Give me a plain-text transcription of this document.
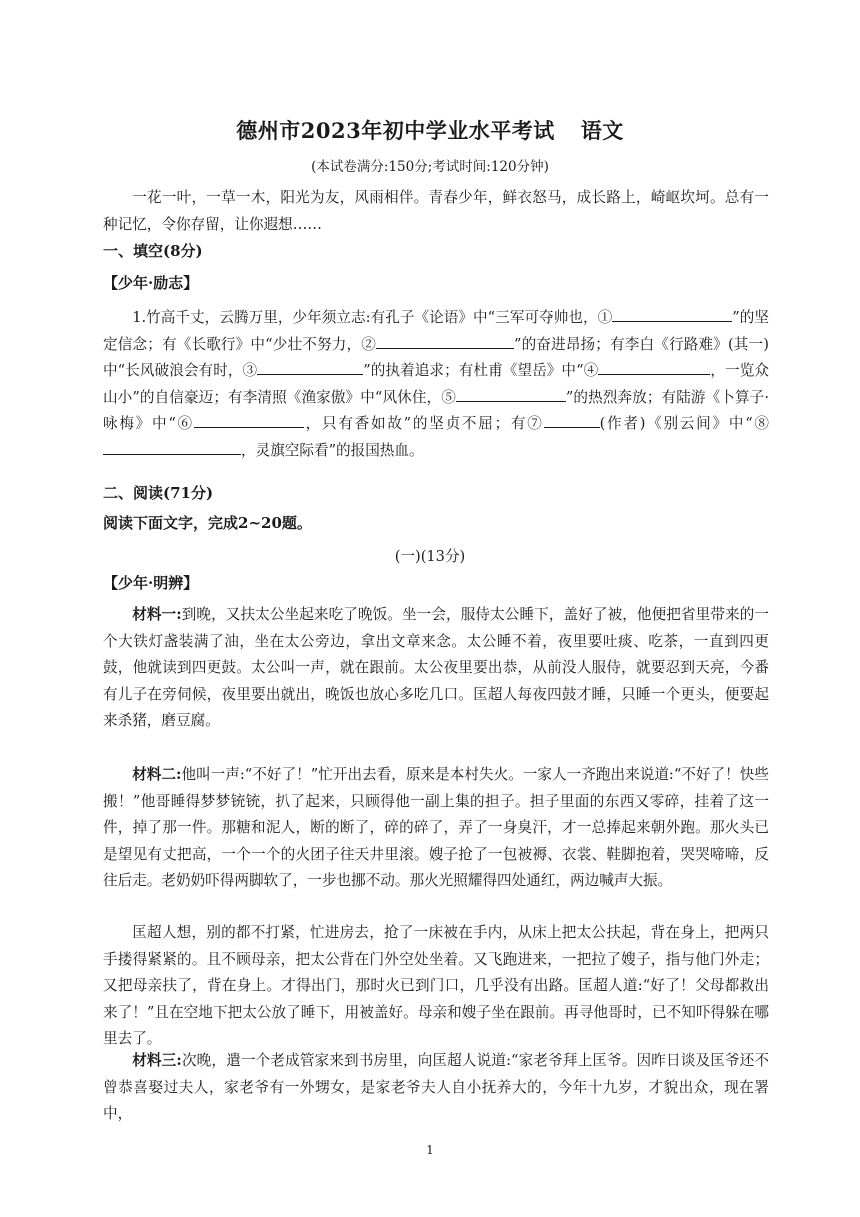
德州市2023年初中学业水平考试 语文
(本试卷满分:150分;考试时间:120分钟)
一花一叶，一草一木，阳光为友，风雨相伴。青春少年，鲜衣怒马，成长路上，崎岖坎坷。总有一种记忆，令你存留，让你遐想……
一、填空(8分)
【少年·励志】
1.竹高千丈，云腾万里，少年须立志:有孔子《论语》中“三军可夺帅也，①	”的坚定信念；有《长歌行》中“少壮不努力，②	”的奋进昂扬；有李白《行路难》(其一)中“长风破浪会有时，③	”的执着追求；有杜甫《望岳》中“④	，一览众山小”的自信豪迈；有李清照《渔家傲》中“风休住，⑤	”的热烈奔放；有陆游《卜算子·咏梅》中“⑥	，只有香如故”的坚贞不屈；有⑦	(作者)《别云间》中“⑧，灵旗空际看”的报国热血。
二、阅读(71分)
阅读下面文字，完成2~20题。
(一)(13分)
【少年·明辨】
材料一:到晚，又扶太公坐起来吃了晚饭。坐一会，服侍太公睡下，盖好了被，他便把省里带来的一个大铁灯盏装满了油，坐在太公旁边，拿出文章来念。太公睡不着，夜里要吐痰、吃茶，一直到四更鼓，他就读到四更鼓。太公叫一声，就在跟前。太公夜里要出恭，从前没人服侍，就要忍到天亮，今番有儿子在旁伺候，夜里要出就出，晚饭也放心多吃几口。匡超人每夜四鼓才睡，只睡一个更头，便要起来杀猪，磨豆腐。
材料二:他叫一声:“不好了！”忙开出去看，原来是本村失火。一家人一齐跑出来说道:“不好了！快些搬！”他哥睡得梦梦铳铳，扒了起来，只顾得他一副上集的担子。担子里面的东西又零碎，挂着了这一件，掉了那一件。那糖和泥人，断的断了，碎的碎了，弄了一身臭汗，才一总捧起来朝外跑。那火头已是望见有丈把高，一个一个的火团子往天井里滚。嫂子抢了一包被褥、衣裳、鞋脚抱着，哭哭啼啼，反往后走。老奶奶吓得两脚软了，一步也挪不动。那火光照耀得四处通红，两边喊声大振。
匡超人想，别的都不打紧，忙进房去，抢了一床被在手内，从床上把太公扶起，背在身上，把两只手搂得紧紧的。且不顾母亲，把太公背在门外空处坐着。又飞跑进来，一把拉了嫂子，指与他门外走；又把母亲扶了，背在身上。才得出门，那时火已到门口，几乎没有出路。匡超人道:“好了！父母都救出来了！”且在空地下把太公放了睡下，用被盖好。母亲和嫂子坐在跟前。再寻他哥时，已不知吓得躲在哪里去了。
材料三:次晚，遣一个老成管家来到书房里，向匡超人说道:“家老爷拜上匡爷。因昨日谈及匡爷还不曾恭喜娶过夫人，家老爷有一外甥女，是家老爷夫人自小抚养大的，今年十九岁，才貌出众，现在署中，
1
